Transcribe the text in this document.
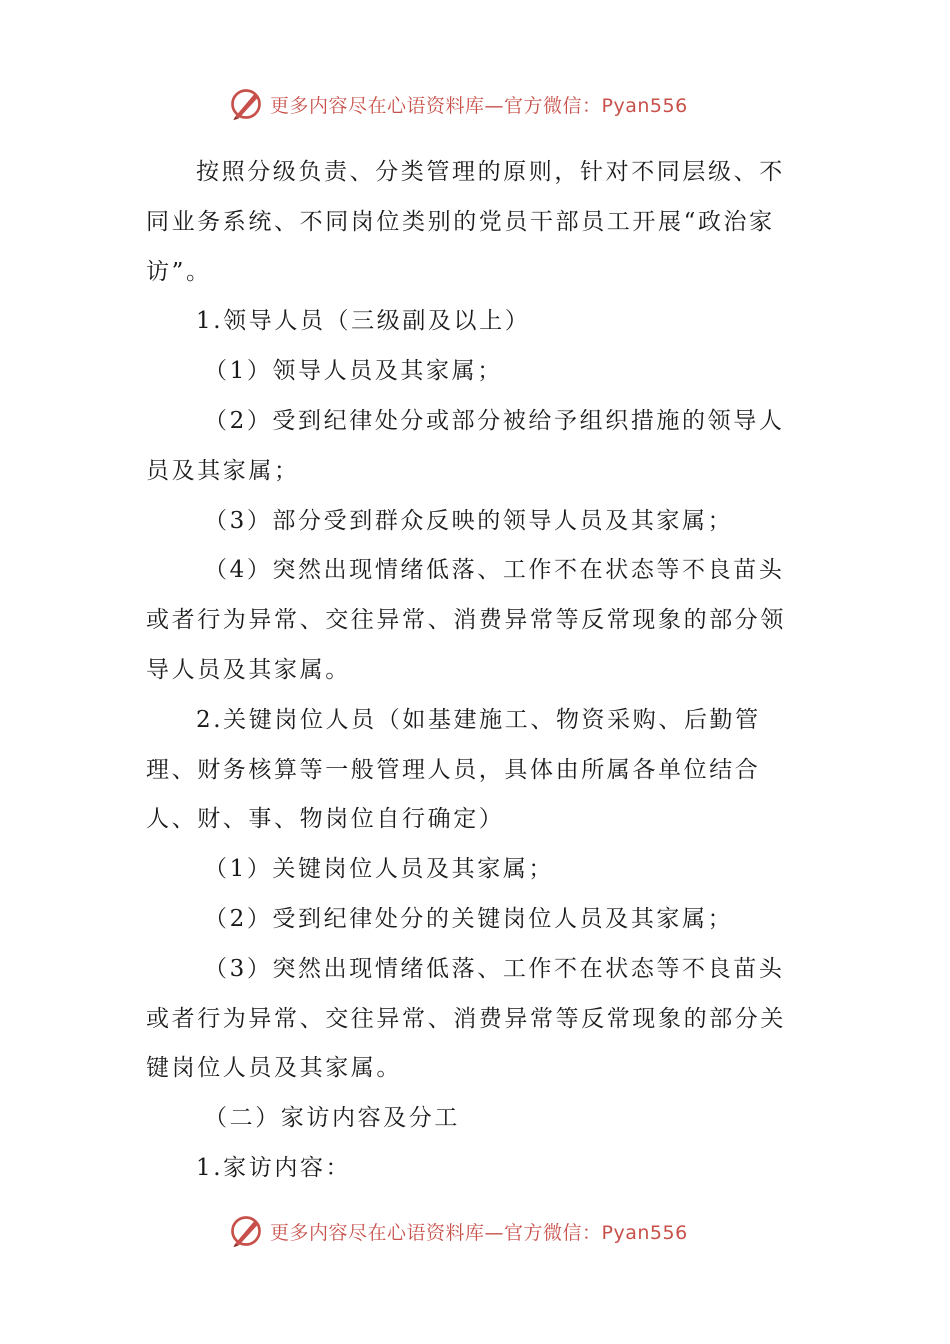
更多内容尽在心语资料库—官方微信：Pyan556

按照分级负责、分类管理的原则，针对不同层级、不同业务系统、不同岗位类别的党员干部员工开展“政治家访”。

1.领导人员（三级副及以上）

（1）领导人员及其家属；

（2）受到纪律处分或部分被给予组织措施的领导人员及其家属；

（3）部分受到群众反映的领导人员及其家属；

（4）突然出现情绪低落、工作不在状态等不良苗头或者行为异常、交往异常、消费异常等反常现象的部分领导人员及其家属。

2.关键岗位人员（如基建施工、物资采购、后勤管理、财务核算等一般管理人员，具体由所属各单位结合人、财、事、物岗位自行确定）

（1）关键岗位人员及其家属；

（2）受到纪律处分的关键岗位人员及其家属；

（3）突然出现情绪低落、工作不在状态等不良苗头或者行为异常、交往异常、消费异常等反常现象的部分关键岗位人员及其家属。

（二）家访内容及分工

1.家访内容：

更多内容尽在心语资料库—官方微信：Pyan556
